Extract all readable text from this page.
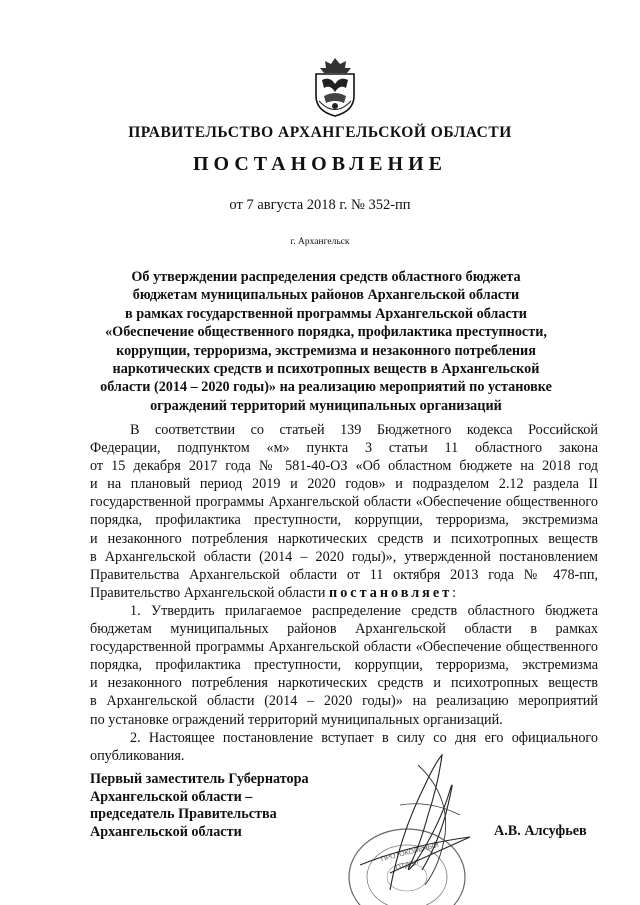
ПРАВИТЕЛЬСТВО АРХАНГЕЛЬСКОЙ ОБЛАСТИ
ПОСТАНОВЛЕНИЕ
от 7 августа 2018 г. № 352-пп
г. Архангельск
Об утверждении распределения средств областного бюджета
бюджетам муниципальных районов Архангельской области
в рамках государственной программы Архангельской области
«Обеспечение общественного порядка, профилактика преступности,
коррупции, терроризма, экстремизма и незаконного потребления
наркотических средств и психотропных веществ в Архангельской
области (2014 – 2020 годы)» на реализацию мероприятий по установке
ограждений территорий муниципальных организаций
В соответствии со статьей 139 Бюджетного кодекса Российской
Федерации, подпунктом «м» пункта 3 статьи 11 областного закона
от 15 декабря 2017 года № 581-40-ОЗ «Об областном бюджете на 2018 год
и на плановый период 2019 и 2020 годов» и подразделом 2.12 раздела II
государственной программы Архангельской области «Обеспечение общественного
порядка, профилактика преступности, коррупции, терроризма, экстремизма
и незаконного потребления наркотических средств и психотропных веществ
в Архангельской области (2014 – 2020 годы)», утвержденной постановлением
Правительства Архангельской области от 11 октября 2013 года № 478-пп,
Правительство Архангельской области постановляет:
1. Утвердить прилагаемое распределение средств областного бюджета
бюджетам муниципальных районов Архангельской области в рамках
государственной программы Архангельской области «Обеспечение общественного
порядка, профилактика преступности, коррупции, терроризма, экстремизма
и незаконного потребления наркотических средств и психотропных веществ
в Архангельской области (2014 – 2020 годы)» на реализацию мероприятий
по установке ограждений территорий муниципальных организаций.
2. Настоящее постановление вступает в силу со дня его официального
опубликования.
Первый заместитель Губернатора
Архангельской области –
председатель Правительства
Архангельской области
ПРОТОКОЛЬНЫЙ
ОТДЕЛ
А.В. Алсуфьев
